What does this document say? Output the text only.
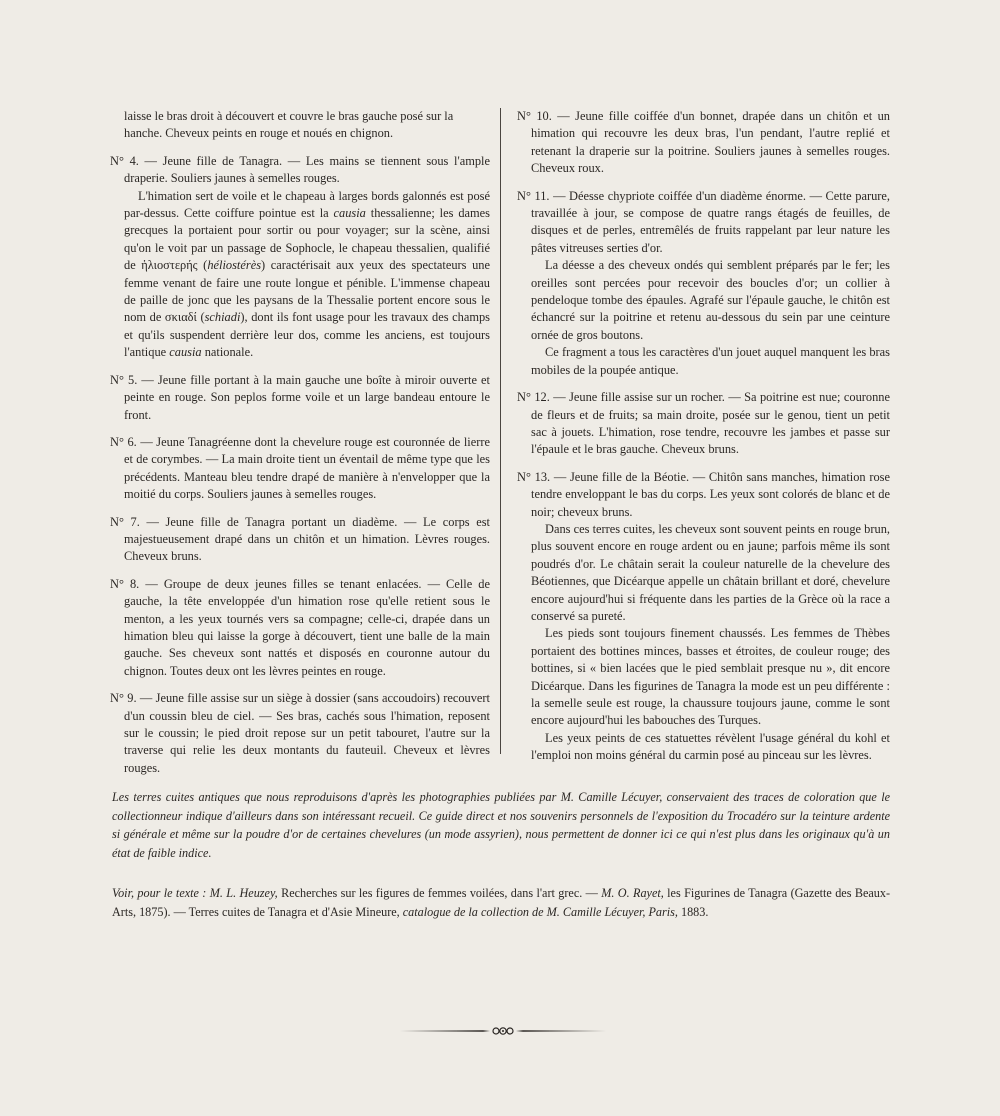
laisse le bras droit à découvert et couvre le bras gauche posé sur la

hanche. Cheveux peints en rouge et noués en chignon.

N° 4. — Jeune fille de Tanagra. — Les mains se tiennent sous l'ample draperie. Souliers jaunes à semelles rouges.

L'himation sert de voile et le chapeau à larges bords galonnés est posé par-dessus. Cette coiffure pointue est la causia thessalienne; les dames grecques la portaient pour sortir ou pour voyager; sur la scène, ainsi qu'on le voit par un passage de Sophocle, le chapeau thessalien, qualifié de ἡλιοστερής (héliostérès) caractérisait aux yeux des spectateurs une femme venant de faire une route longue et pénible. L'immense chapeau de paille de jonc que les paysans de la Thessalie portent encore sous le nom de σκιαδί (schiadi), dont ils font usage pour les travaux des champs et qu'ils suspendent derrière leur dos, comme les anciens, est toujours l'antique causia nationale.

N° 5. — Jeune fille portant à la main gauche une boîte à miroir ouverte et peinte en rouge. Son peplos forme voile et un large bandeau entoure le front.

N° 6. — Jeune Tanagréenne dont la chevelure rouge est couronnée de lierre et de corymbes. — La main droite tient un éventail de même type que les précédents. Manteau bleu tendre drapé de manière à n'envelopper que la moitié du corps. Souliers jaunes à semelles rouges.

N° 7. — Jeune fille de Tanagra portant un diadème. — Le corps est majestueusement drapé dans un chitôn et un himation. Lèvres rouges. Cheveux bruns.

N° 8. — Groupe de deux jeunes filles se tenant enlacées. — Celle de gauche, la tête enveloppée d'un himation rose qu'elle retient sous le menton, a les yeux tournés vers sa compagne; celle-ci, drapée dans un himation bleu qui laisse la gorge à découvert, tient une balle de la main gauche. Ses cheveux sont nattés et disposés en couronne autour du chignon. Toutes deux ont les lèvres peintes en rouge.

N° 9. — Jeune fille assise sur un siège à dossier (sans accoudoirs) recouvert d'un coussin bleu de ciel. — Ses bras, cachés sous l'himation, reposent sur le coussin; le pied droit repose sur un petit tabouret, l'autre sur la traverse qui relie les deux montants du fauteuil. Cheveux et lèvres rouges.

N° 10. — Jeune fille coiffée d'un bonnet, drapée dans un chitôn et un himation qui recouvre les deux bras, l'un pendant, l'autre replié et retenant la draperie sur la poitrine. Souliers jaunes à semelles rouges. Cheveux roux.

N° 11. — Déesse chypriote coiffée d'un diadème énorme. — Cette parure, travaillée à jour, se compose de quatre rangs étagés de feuilles, de disques et de perles, entremêlés de fruits rappelant par leur nature les pâtes vitreuses serties d'or.

La déesse a des cheveux ondés qui semblent préparés par le fer; les oreilles sont percées pour recevoir des boucles d'or; un collier à pendeloque tombe des épaules. Agrafé sur l'épaule gauche, le chitôn est échancré sur la poitrine et retenu au-dessous du sein par une ceinture ornée de gros boutons.

Ce fragment a tous les caractères d'un jouet auquel manquent les bras mobiles de la poupée antique.

N° 12. — Jeune fille assise sur un rocher. — Sa poitrine est nue; couronne de fleurs et de fruits; sa main droite, posée sur le genou, tient un petit sac à jouets. L'himation, rose tendre, recouvre les jambes et passe sur l'épaule et le bras gauche. Cheveux bruns.

N° 13. — Jeune fille de la Béotie. — Chitôn sans manches, himation rose tendre enveloppant le bas du corps. Les yeux sont colorés de blanc et de noir; cheveux bruns.

Dans ces terres cuites, les cheveux sont souvent peints en rouge brun, plus souvent encore en rouge ardent ou en jaune; parfois même ils sont poudrés d'or. Le châtain serait la couleur naturelle de la chevelure des Béotiennes, que Dicéarque appelle un châtain brillant et doré, chevelure encore aujourd'hui si fréquente dans les parties de la Grèce où la race a conservé sa pureté.

Les pieds sont toujours finement chaussés. Les femmes de Thèbes portaient des bottines minces, basses et étroites, de couleur rouge; des bottines, si « bien lacées que le pied semblait presque nu », dit encore Dicéarque. Dans les figurines de Tanagra la mode est un peu différente : la semelle seule est rouge, la chaussure toujours jaune, comme le sont encore aujourd'hui les babouches des Turques.

Les yeux peints de ces statuettes révèlent l'usage général du kohl et l'emploi non moins général du carmin posé au pinceau sur les lèvres.

Les terres cuites antiques que nous reproduisons d'après les photographies publiées par M. Camille Lécuyer, conservaient des traces de coloration que le collectionneur indique d'ailleurs dans son intéressant recueil. Ce guide direct et nos souvenirs personnels de l'exposition du Trocadéro sur la teinture ardente si générale et même sur la poudre d'or de certaines chevelures (un mode assyrien), nous permettent de donner ici ce qui n'est plus dans les originaux qu'à un état de faible indice.

Voir, pour le texte : M. L. Heuzey, Recherches sur les figures de femmes voilées, dans l'art grec. — M. O. Rayet, les Figurines de Tanagra (Gazette des Beaux-Arts, 1875). — Terres cuites de Tanagra et d'Asie Mineure, catalogue de la collection de M. Camille Lécuyer, Paris, 1883.
